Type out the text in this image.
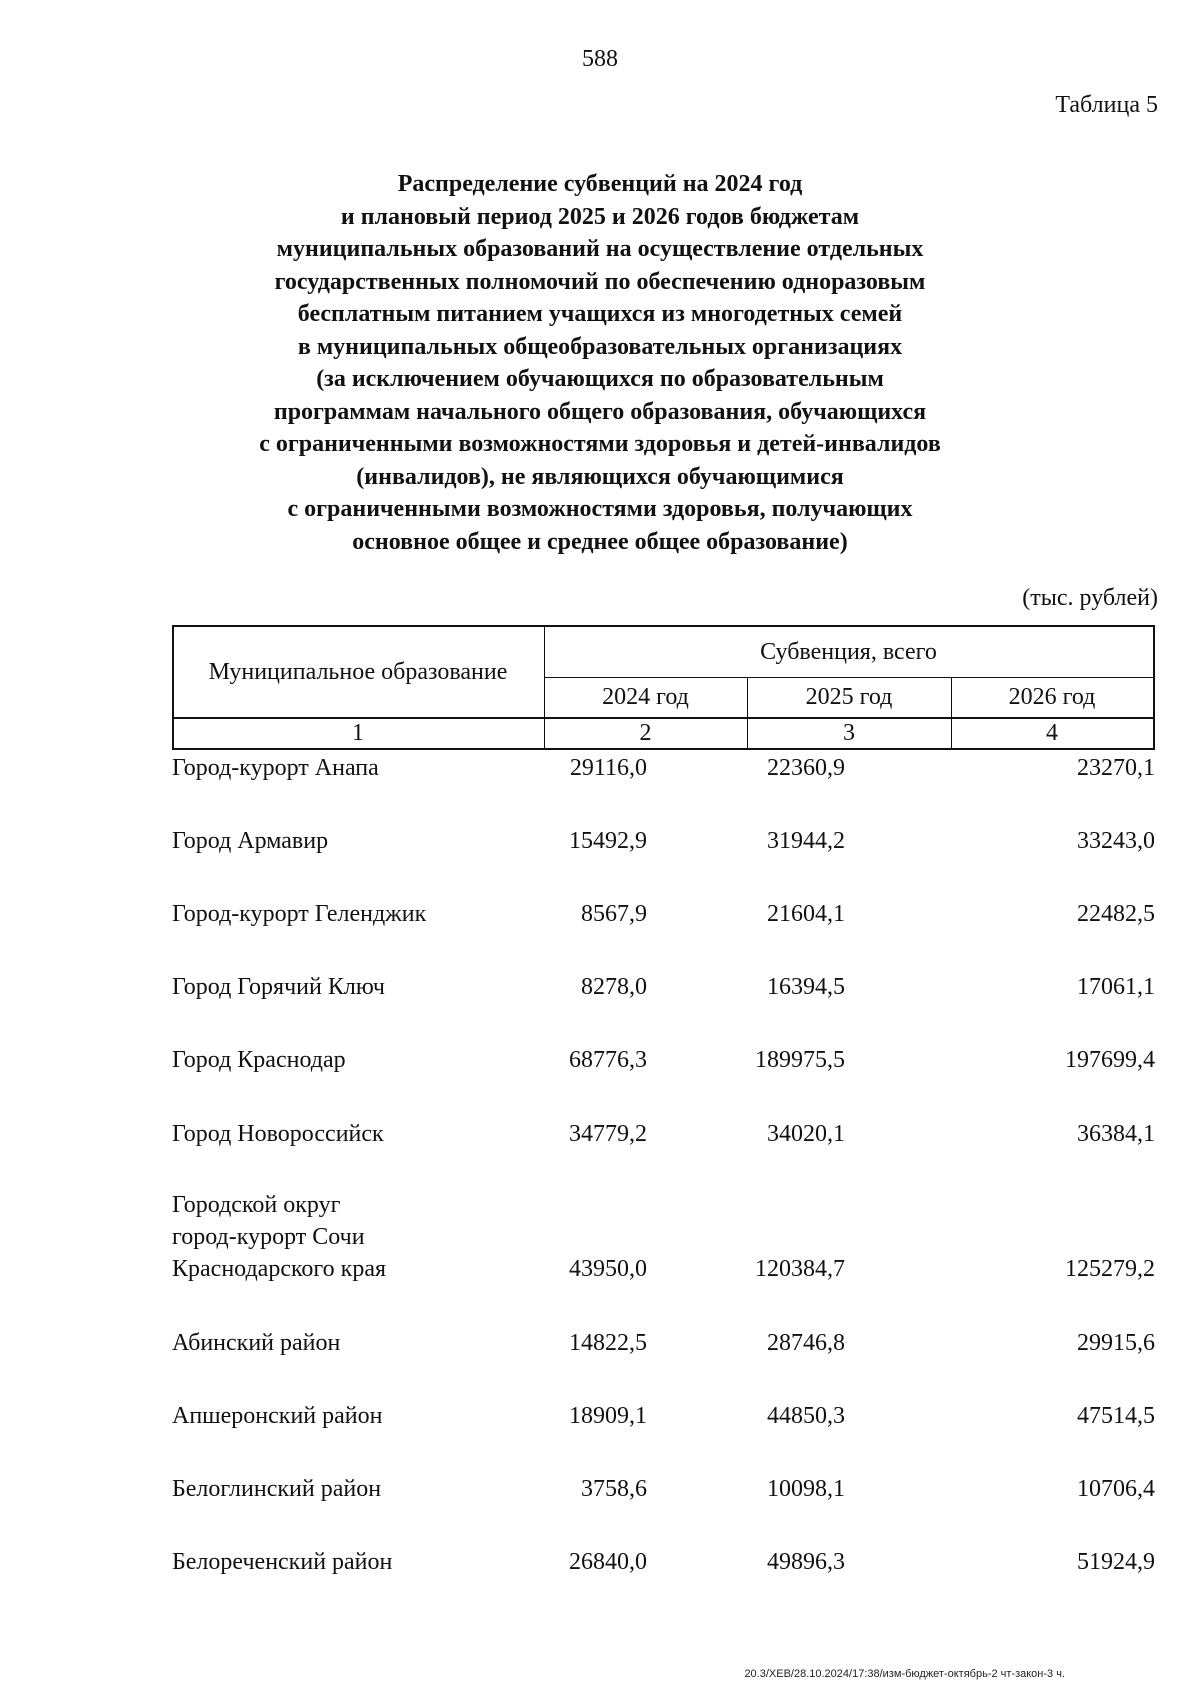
588
Таблица 5
Распределение субвенций на 2024 год
и плановый период 2025 и 2026 годов бюджетам
муниципальных образований на осуществление отдельных
государственных полномочий по обеспечению одноразовым
бесплатным питанием учащихся из многодетных семей
в муниципальных общеобразовательных организациях
(за исключением обучающихся по образовательным
программам начального общего образования, обучающихся
с ограниченными возможностями здоровья и детей-инвалидов
(инвалидов), не являющихся обучающимися
с ограниченными возможностями здоровья, получающих
основное общее и среднее общее образование)
(тыс. рублей)
Муниципальное образование
Субвенция, всего
2024 год	2025 год	2026 год
1	2	3	4
Город-курорт Анапа	29116,0	22360,9	23270,1
Город Армавир	15492,9	31944,2	33243,0
Город-курорт Геленджик	8567,9	21604,1	22482,5
Город Горячий Ключ	8278,0	16394,5	17061,1
Город Краснодар	68776,3	189975,5	197699,4
Город Новороссийск	34779,2	34020,1	36384,1
Городской округ
город-курорт Сочи
Краснодарского края	43950,0	120384,7	125279,2
Абинский район	14822,5	28746,8	29915,6
Апшеронский район	18909,1	44850,3	47514,5
Белоглинский район	3758,6	10098,1	10706,4
Белореченский район	26840,0	49896,3	51924,9
20.3/ХЕВ/28.10.2024/17:38/изм-бюджет-октябрь-2 чт-закон-3 ч.
